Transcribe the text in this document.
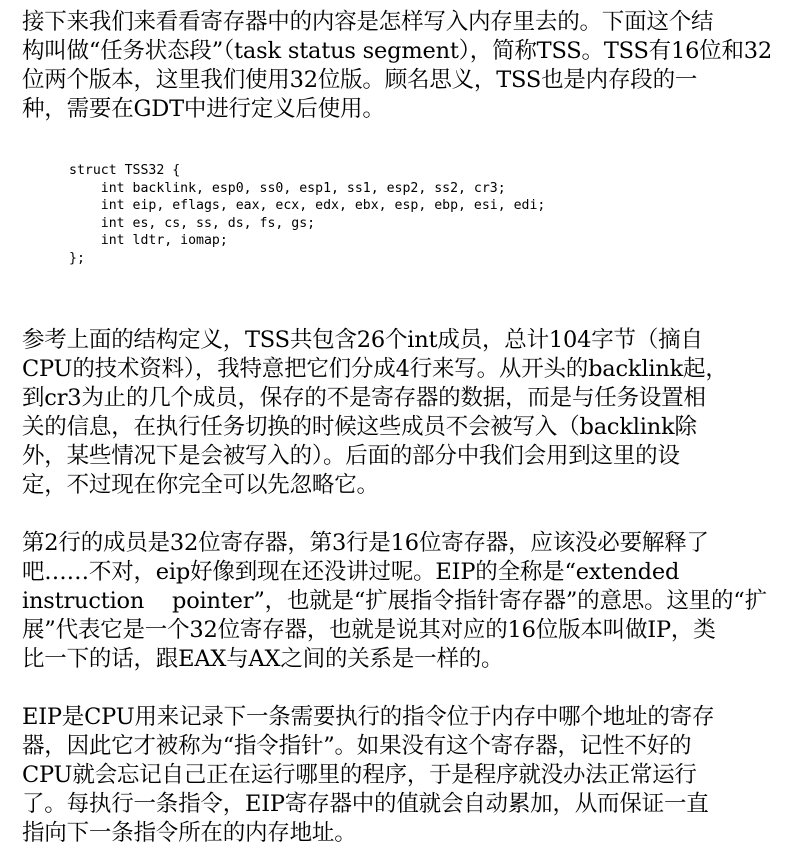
接下来我们来看看寄存器中的内容是怎样写入内存里去的。下面这个结
构叫做“任务状态段”（task status segment），简称TSS。TSS有16位和32
位两个版本，这里我们使用32位版。顾名思义，TSS也是内存段的一
种，需要在GDT中进行定义后使用。

struct TSS32 {
int backlink, esp0, ss0, esp1, ss1, esp2, ss2, cr3;
int eip, eflags, eax, ecx, edx, ebx, esp, ebp, esi, edi;
int es, cs, ss, ds, fs, gs;
int ldtr, iomap;
};

参考上面的结构定义，TSS共包含26个int成员，总计104字节（摘自
CPU的技术资料），我特意把它们分成4行来写。从开头的backlink起，
到cr3为止的几个成员，保存的不是寄存器的数据，而是与任务设置相
关的信息，在执行任务切换的时候这些成员不会被写入（backlink除
外，某些情况下是会被写入的）。后面的部分中我们会用到这里的设
定，不过现在你完全可以先忽略它。

第2行的成员是32位寄存器，第3行是16位寄存器，应该没必要解释了
吧……不对，eip好像到现在还没讲过呢。EIP的全称是“extended
instruction    pointer”，也就是“扩展指令指针寄存器”的意思。这里的“扩
展”代表它是一个32位寄存器，也就是说其对应的16位版本叫做IP，类
比一下的话，跟EAX与AX之间的关系是一样的。

EIP是CPU用来记录下一条需要执行的指令位于内存中哪个地址的寄存
器，因此它才被称为“指令指针”。如果没有这个寄存器，记性不好的
CPU就会忘记自己正在运行哪里的程序，于是程序就没办法正常运行
了。每执行一条指令，EIP寄存器中的值就会自动累加，从而保证一直
指向下一条指令所在的内存地址。
